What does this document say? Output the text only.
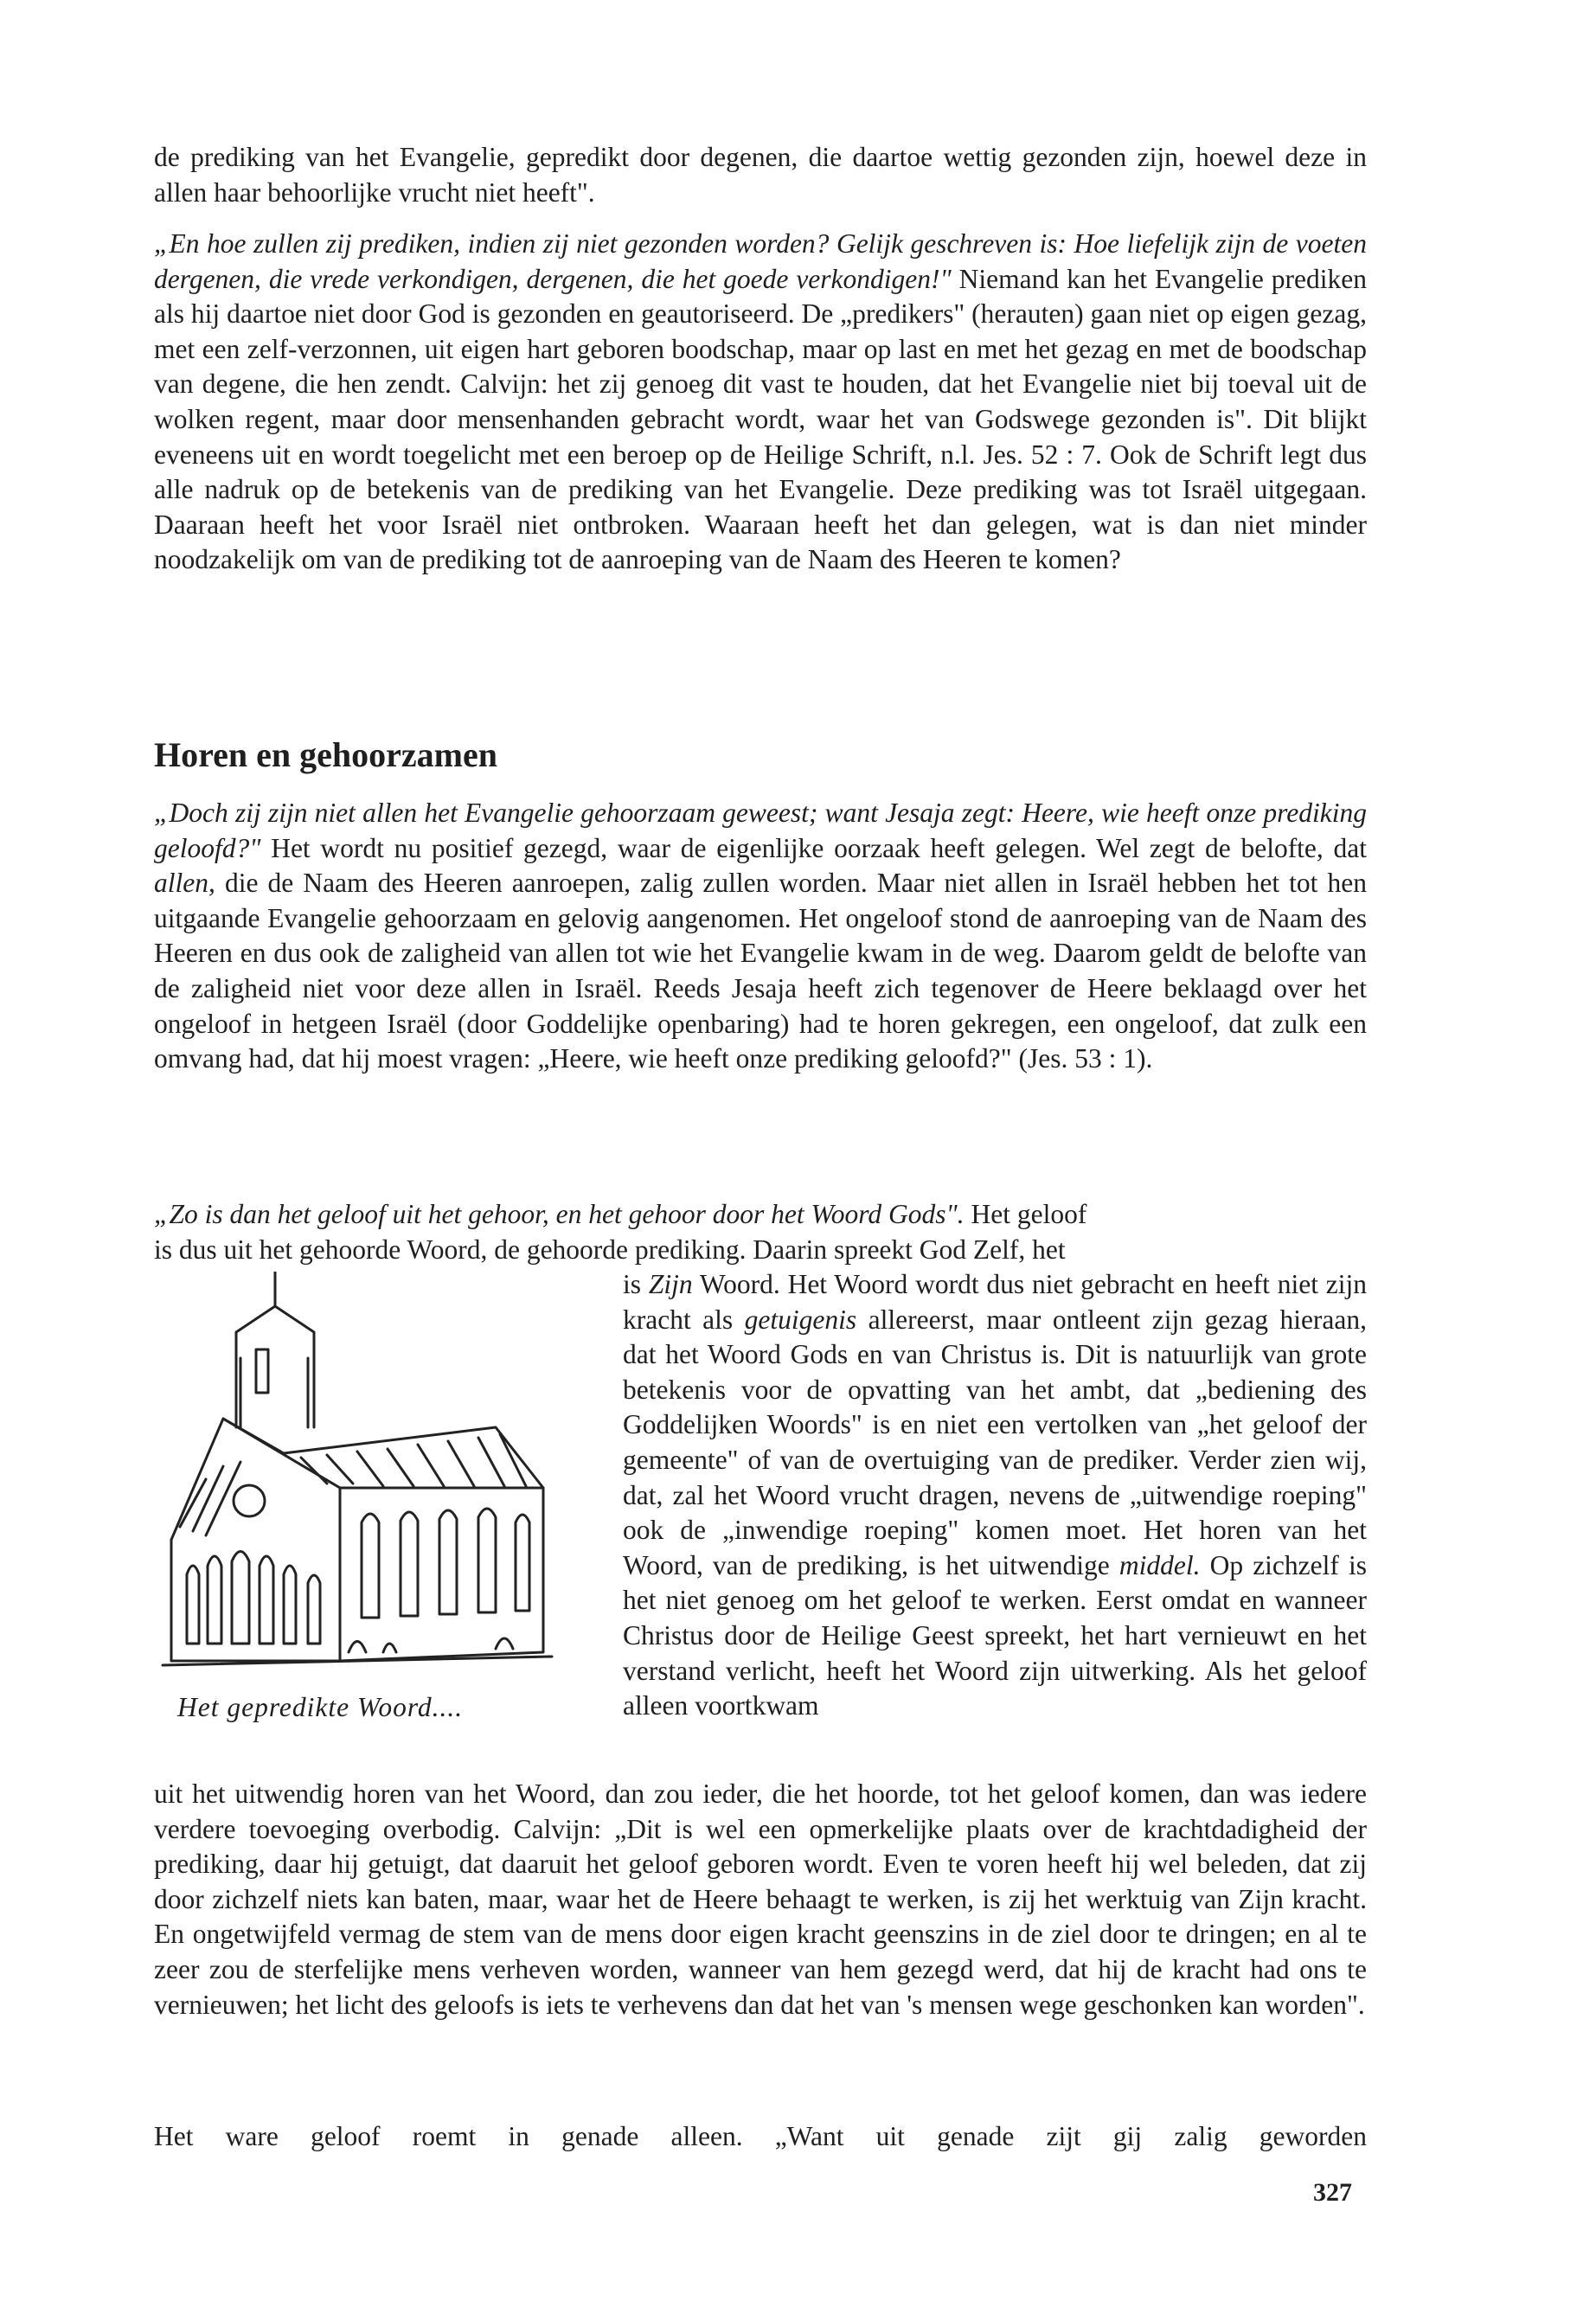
de prediking van het Evangelie, gepredikt door degenen, die daartoe wettig gezonden zijn, hoewel deze in allen haar behoorlijke vrucht niet heeft".

„En hoe zullen zij prediken, indien zij niet gezonden worden? Gelijk geschreven is: Hoe liefelijk zijn de voeten dergenen, die vrede verkondigen, dergenen, die het goede verkondigen!" Niemand kan het Evangelie prediken als hij daartoe niet door God is gezonden en geautoriseerd. De „predikers" (herauten) gaan niet op eigen gezag, met een zelf-verzonnen, uit eigen hart geboren boodschap, maar op last en met het gezag en met de boodschap van degene, die hen zendt. Calvijn: het zij genoeg dit vast te houden, dat het Evangelie niet bij toeval uit de wolken regent, maar door mensenhanden gebracht wordt, waar het van Godswege gezonden is". Dit blijkt eveneens uit en wordt toegelicht met een beroep op de Heilige Schrift, n.l. Jes. 52 : 7. Ook de Schrift legt dus alle nadruk op de betekenis van de prediking van het Evangelie. Deze prediking was tot Israël uitgegaan. Daaraan heeft het voor Israël niet ontbroken. Waaraan heeft het dan gelegen, wat is dan niet minder noodzakelijk om van de prediking tot de aanroeping van de Naam des Heeren te komen?

Horen en gehoorzamen

„Doch zij zijn niet allen het Evangelie gehoorzaam geweest; want Jesaja zegt: Heere, wie heeft onze prediking geloofd?" Het wordt nu positief gezegd, waar de eigenlijke oorzaak heeft gelegen. Wel zegt de belofte, dat allen, die de Naam des Heeren aanroepen, zalig zullen worden. Maar niet allen in Israël hebben het tot hen uitgaande Evangelie gehoorzaam en gelovig aangenomen. Het ongeloof stond de aanroeping van de Naam des Heeren en dus ook de zaligheid van allen tot wie het Evangelie kwam in de weg. Daarom geldt de belofte van de zaligheid niet voor deze allen in Israël. Reeds Jesaja heeft zich tegenover de Heere beklaagd over het ongeloof in hetgeen Israël (door Goddelijke openbaring) had te horen gekregen, een ongeloof, dat zulk een omvang had, dat hij moest vragen: „Heere, wie heeft onze prediking geloofd?" (Jes. 53 : 1).

„Zo is dan het geloof uit het gehoor, en het gehoor door het Woord Gods". Het geloof
is dus uit het gehoorde Woord, de gehoorde prediking. Daarin spreekt God Zelf, het

Het gepredikte Woord....

is Zijn Woord. Het Woord wordt dus niet gebracht en heeft niet zijn kracht als getuigenis allereerst, maar ontleent zijn gezag hieraan, dat het Woord Gods en van Christus is. Dit is natuurlijk van grote betekenis voor de opvatting van het ambt, dat „bediening des Goddelijken Woords" is en niet een vertolken van „het geloof der gemeente" of van de overtuiging van de prediker. Verder zien wij, dat, zal het Woord vrucht dragen, nevens de „uitwendige roeping" ook de „inwendige roeping" komen moet. Het horen van het Woord, van de prediking, is het uitwendige middel. Op zichzelf is het niet genoeg om het geloof te werken. Eerst omdat en wanneer Christus door de Heilige Geest spreekt, het hart vernieuwt en het verstand verlicht, heeft het Woord zijn uitwerking. Als het geloof alleen voortkwam

uit het uitwendig horen van het Woord, dan zou ieder, die het hoorde, tot het geloof komen, dan was iedere verdere toevoeging overbodig. Calvijn: „Dit is wel een opmerkelijke plaats over de krachtdadigheid der prediking, daar hij getuigt, dat daaruit het geloof geboren wordt. Even te voren heeft hij wel beleden, dat zij door zichzelf niets kan baten, maar, waar het de Heere behaagt te werken, is zij het werktuig van Zijn kracht. En ongetwijfeld vermag de stem van de mens door eigen kracht geenszins in de ziel door te dringen; en al te zeer zou de sterfelijke mens verheven worden, wanneer van hem gezegd werd, dat hij de kracht had ons te vernieuwen; het licht des geloofs is iets te verhevens dan dat het van 's mensen wege geschonken kan worden".

Het ware geloof roemt in genade alleen. „Want uit genade zijt gij zalig geworden

327
